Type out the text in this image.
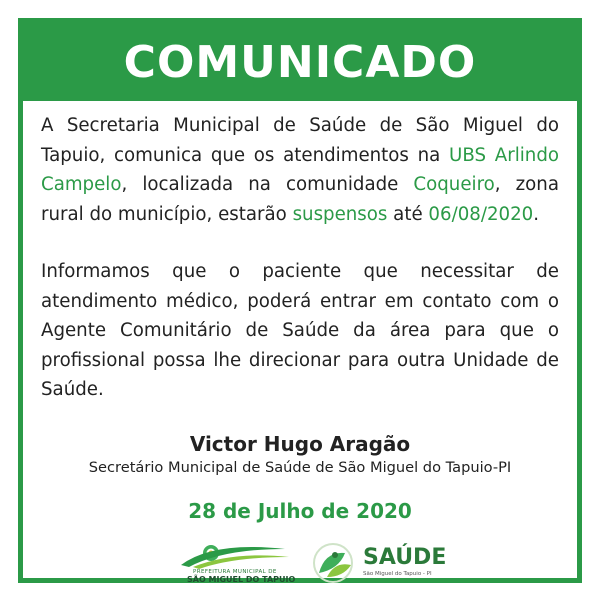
COMUNICADO

A Secretaria Municipal de Saúde de São Miguel do Tapuio, comunica que os atendimentos na UBS Arlindo Campelo, localizada na comunidade Coqueiro, zona rural do município, estarão suspensos até 06/08/2020.

Informamos que o paciente que necessitar de atendimento médico, poderá entrar em contato com o Agente Comunitário de Saúde da área para que o profissional possa lhe direcionar para outra Unidade de Saúde.

Victor Hugo Aragão
Secretário Municipal de Saúde de São Miguel do Tapuio-PI
28 de Julho de 2020
PREFEITURA MUNICIPAL DE
SÃO MIGUEL DO TAPUIO
SAÚDE
São Miguel do Tapuio - PI
